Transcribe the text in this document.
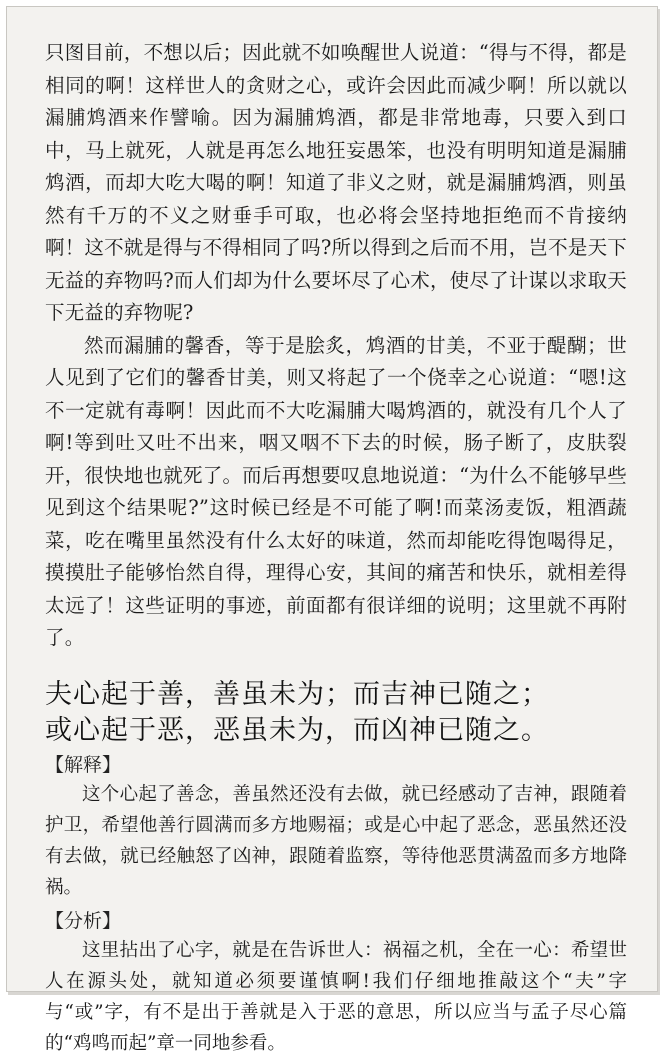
只图目前，不想以后；因此就不如唤醒世人说道：“得与不得，都是相同的啊！这样世人的贪财之心，或许会因此而减少啊！所以就以漏脯鸩酒来作譬喻。因为漏脯鸩酒，都是非常地毒，只要入到口中，马上就死，人就是再怎么地狂妄愚笨，也没有明明知道是漏脯鸩酒，而却大吃大喝的啊！知道了非义之财，就是漏脯鸩酒，则虽然有千万的不义之财垂手可取，也必将会坚持地拒绝而不肯接纳啊！这不就是得与不得相同了吗?所以得到之后而不用，岂不是天下无益的弃物吗?而人们却为什么要坏尽了心术，使尽了计谋以求取天下无益的弃物呢?

然而漏脯的馨香，等于是脍炙，鸩酒的甘美，不亚于醍醐；世人见到了它们的馨香甘美，则又将起了一个侥幸之心说道：“嗯!这不一定就有毒啊！因此而不大吃漏脯大喝鸩酒的，就没有几个人了啊!等到吐又吐不出来，咽又咽不下去的时候，肠子断了，皮肤裂开，很快地也就死了。而后再想要叹息地说道：“为什么不能够早些见到这个结果呢?”这时候已经是不可能了啊!而菜汤麦饭，粗酒蔬菜，吃在嘴里虽然没有什么太好的味道，然而却能吃得饱喝得足，摸摸肚子能够怡然自得，理得心安，其间的痛苦和快乐，就相差得太远了！这些证明的事迹，前面都有很详细的说明；这里就不再附了。

夫心起于善，善虽未为；而吉神已随之；
或心起于恶，恶虽未为，而凶神已随之。
【解释】

这个心起了善念，善虽然还没有去做，就已经感动了吉神，跟随着护卫，希望他善行圆满而多方地赐福；或是心中起了恶念，恶虽然还没有去做，就已经触怒了凶神，跟随着监察，等待他恶贯满盈而多方地降祸。

【分析】

这里拈出了心字，就是在告诉世人：祸福之机，全在一心：希望世人在源头处，就知道必须要谨慎啊!我们仔细地推敲这个“夫”字与“或”字，有不是出于善就是入于恶的意思，所以应当与孟子尽心篇的“鸡鸣而起”章一同地参看。
